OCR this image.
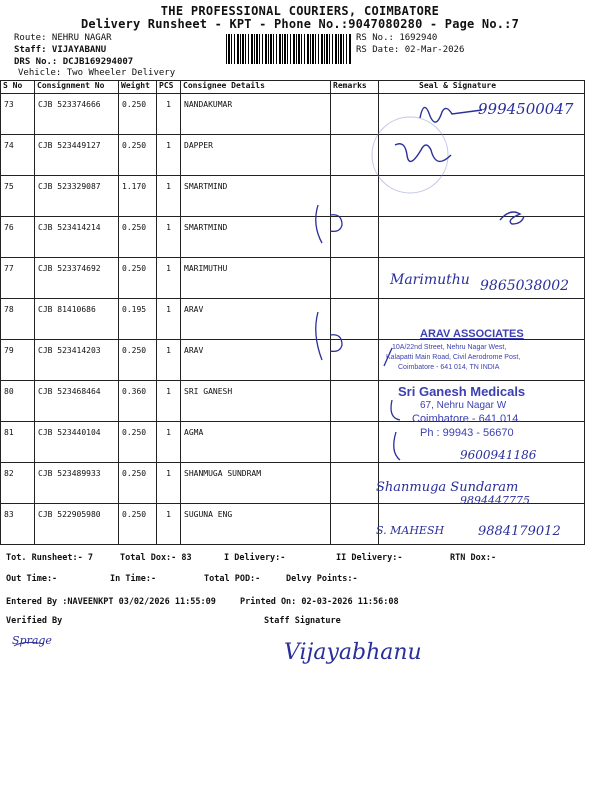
THE PROFESSIONAL COURIERS, COIMBATORE
Delivery Runsheet - KPT - Phone No.:9047080280 - Page No.:7
Route: NEHRU NAGAR
Staff: VIJAYABANU
DRS No.: DCJB169294007
Vehicle: Two Wheeler Delivery
RS No.: 1692940
RS Date: 02-Mar-2026
S No	Consignment No	Weight	PCS	Consignee Details	Remarks	Seal & Signature

73	CJB 523374666	0.250	1	NANDAKUMAR		

74	CJB 523449127	0.250	1	DAPPER		

75	CJB 523329087	1.170	1	SMARTMIND		

76	CJB 523414214	0.250	1	SMARTMIND		

77	CJB 523374692	0.250	1	MARIMUTHU		

78	CJB 81410686	0.195	1	ARAV		

79	CJB 523414203	0.250	1	ARAV		

80	CJB 523468464	0.360	1	SRI GANESH		

81	CJB 523440104	0.250	1	AGMA		

82	CJB 523489933	0.250	1	SHANMUGA SUNDRAM		

83	CJB 522905980	0.250	1	SUGUNA ENG		

9994500047
Marimuthu 9865038002
9600941186
Shanmuga Sundaram
9894447775
S. MAHESH	9884179012
ARAV ASSOCIATES
10A/22nd Street, Nehru Nagar West,
Kalapatti Main Road, Civil Aerodrome Post,
Coimbatore - 641 014, TN INDIA
Sri Ganesh Medicals
67, Nehru Nagar W
Coimbatore - 641 014.
Ph : 99943 - 56670
Tot. Runsheet:- 7	Total Dox:- 83	I Delivery:-	II Delivery:-	RTN Dox:-
Out Time:-	In Time:-	Total POD:-	Delvy Points:-
Entered By :NAVEENKPT 03/02/2026 11:55:09	Printed On: 02-03-2026 11:56:08
Verified By	Staff Signature
Sprage	Vijayabhanu
